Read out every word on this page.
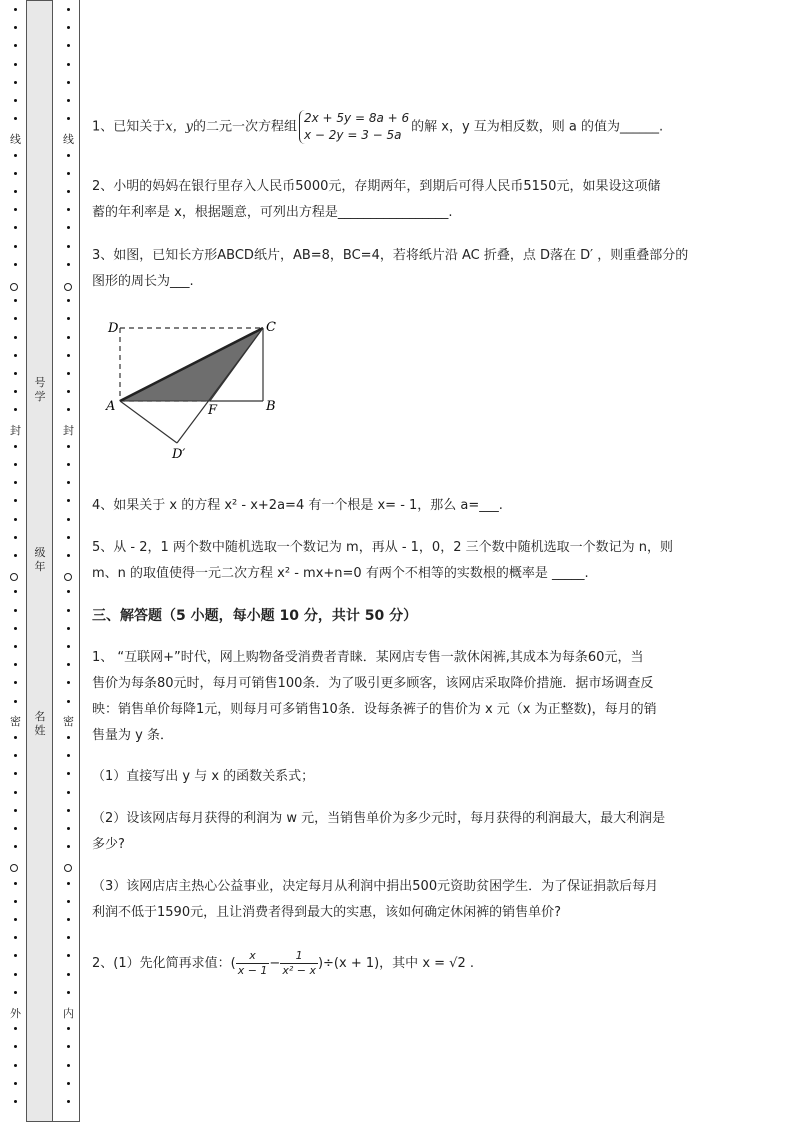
线
封
密
外
线
封
密
内
号
学
级
年
名
姓
1、已知关于x，y的二元一次方程组
2x + 5y = 8a + 6
x − 2y = 3 − 5a
的解 x，y 互为相反数，则 a 的值为______.
2、小明的妈妈在银行里存入人民币5000元，存期两年，到期后可得人民币5150元，如果设这项储
蓄的年利率是 x，根据题意，可列出方程是_________________.
3、如图，已知长方形ABCD纸片，AB=8，BC=4，若将纸片沿 AC 折叠，点 D落在 D′ ，则重叠部分的
图形的周长为___.
D	C
A	B
F
D′
4、如果关于 x 的方程 x² - x+2a=4 有一个根是 x= - 1，那么 a=___.
5、从 - 2，1 两个数中随机选取一个数记为 m，再从 - 1，0，2 三个数中随机选取一个数记为 n，则
m、n 的取值使得一元二次方程 x² - mx+n=0 有两个不相等的实数根的概率是 _____.
三、解答题（5 小题，每小题 10 分，共计 50 分）
1、 “互联网+”时代，网上购物备受消费者青睐．某网店专售一款休闲裤,其成本为每条60元，当
售价为每条80元时，每月可销售100条．为了吸引更多顾客，该网店采取降价措施．据市场调查反
映：销售单价每降1元，则每月可多销售10条．设每条裤子的售价为 x 元（x 为正整数)，每月的销
售量为 y 条．
（1）直接写出 y 与 x 的函数关系式；
（2）设该网店每月获得的利润为 w 元，当销售单价为多少元时，每月获得的利润最大，最大利润是
多少?
（3）该网店店主热心公益事业，决定每月从利润中捐出500元资助贫困学生．为了保证捐款后每月
利润不低于1590元，且让消费者得到最大的实惠，该如何确定休闲裤的销售单价?
2、(1）先化简再求值：( $\frac{x}{x - 1} - \frac{1}{\text{x² − x}} )\div(x + 1)$，其中 x = √2 .
